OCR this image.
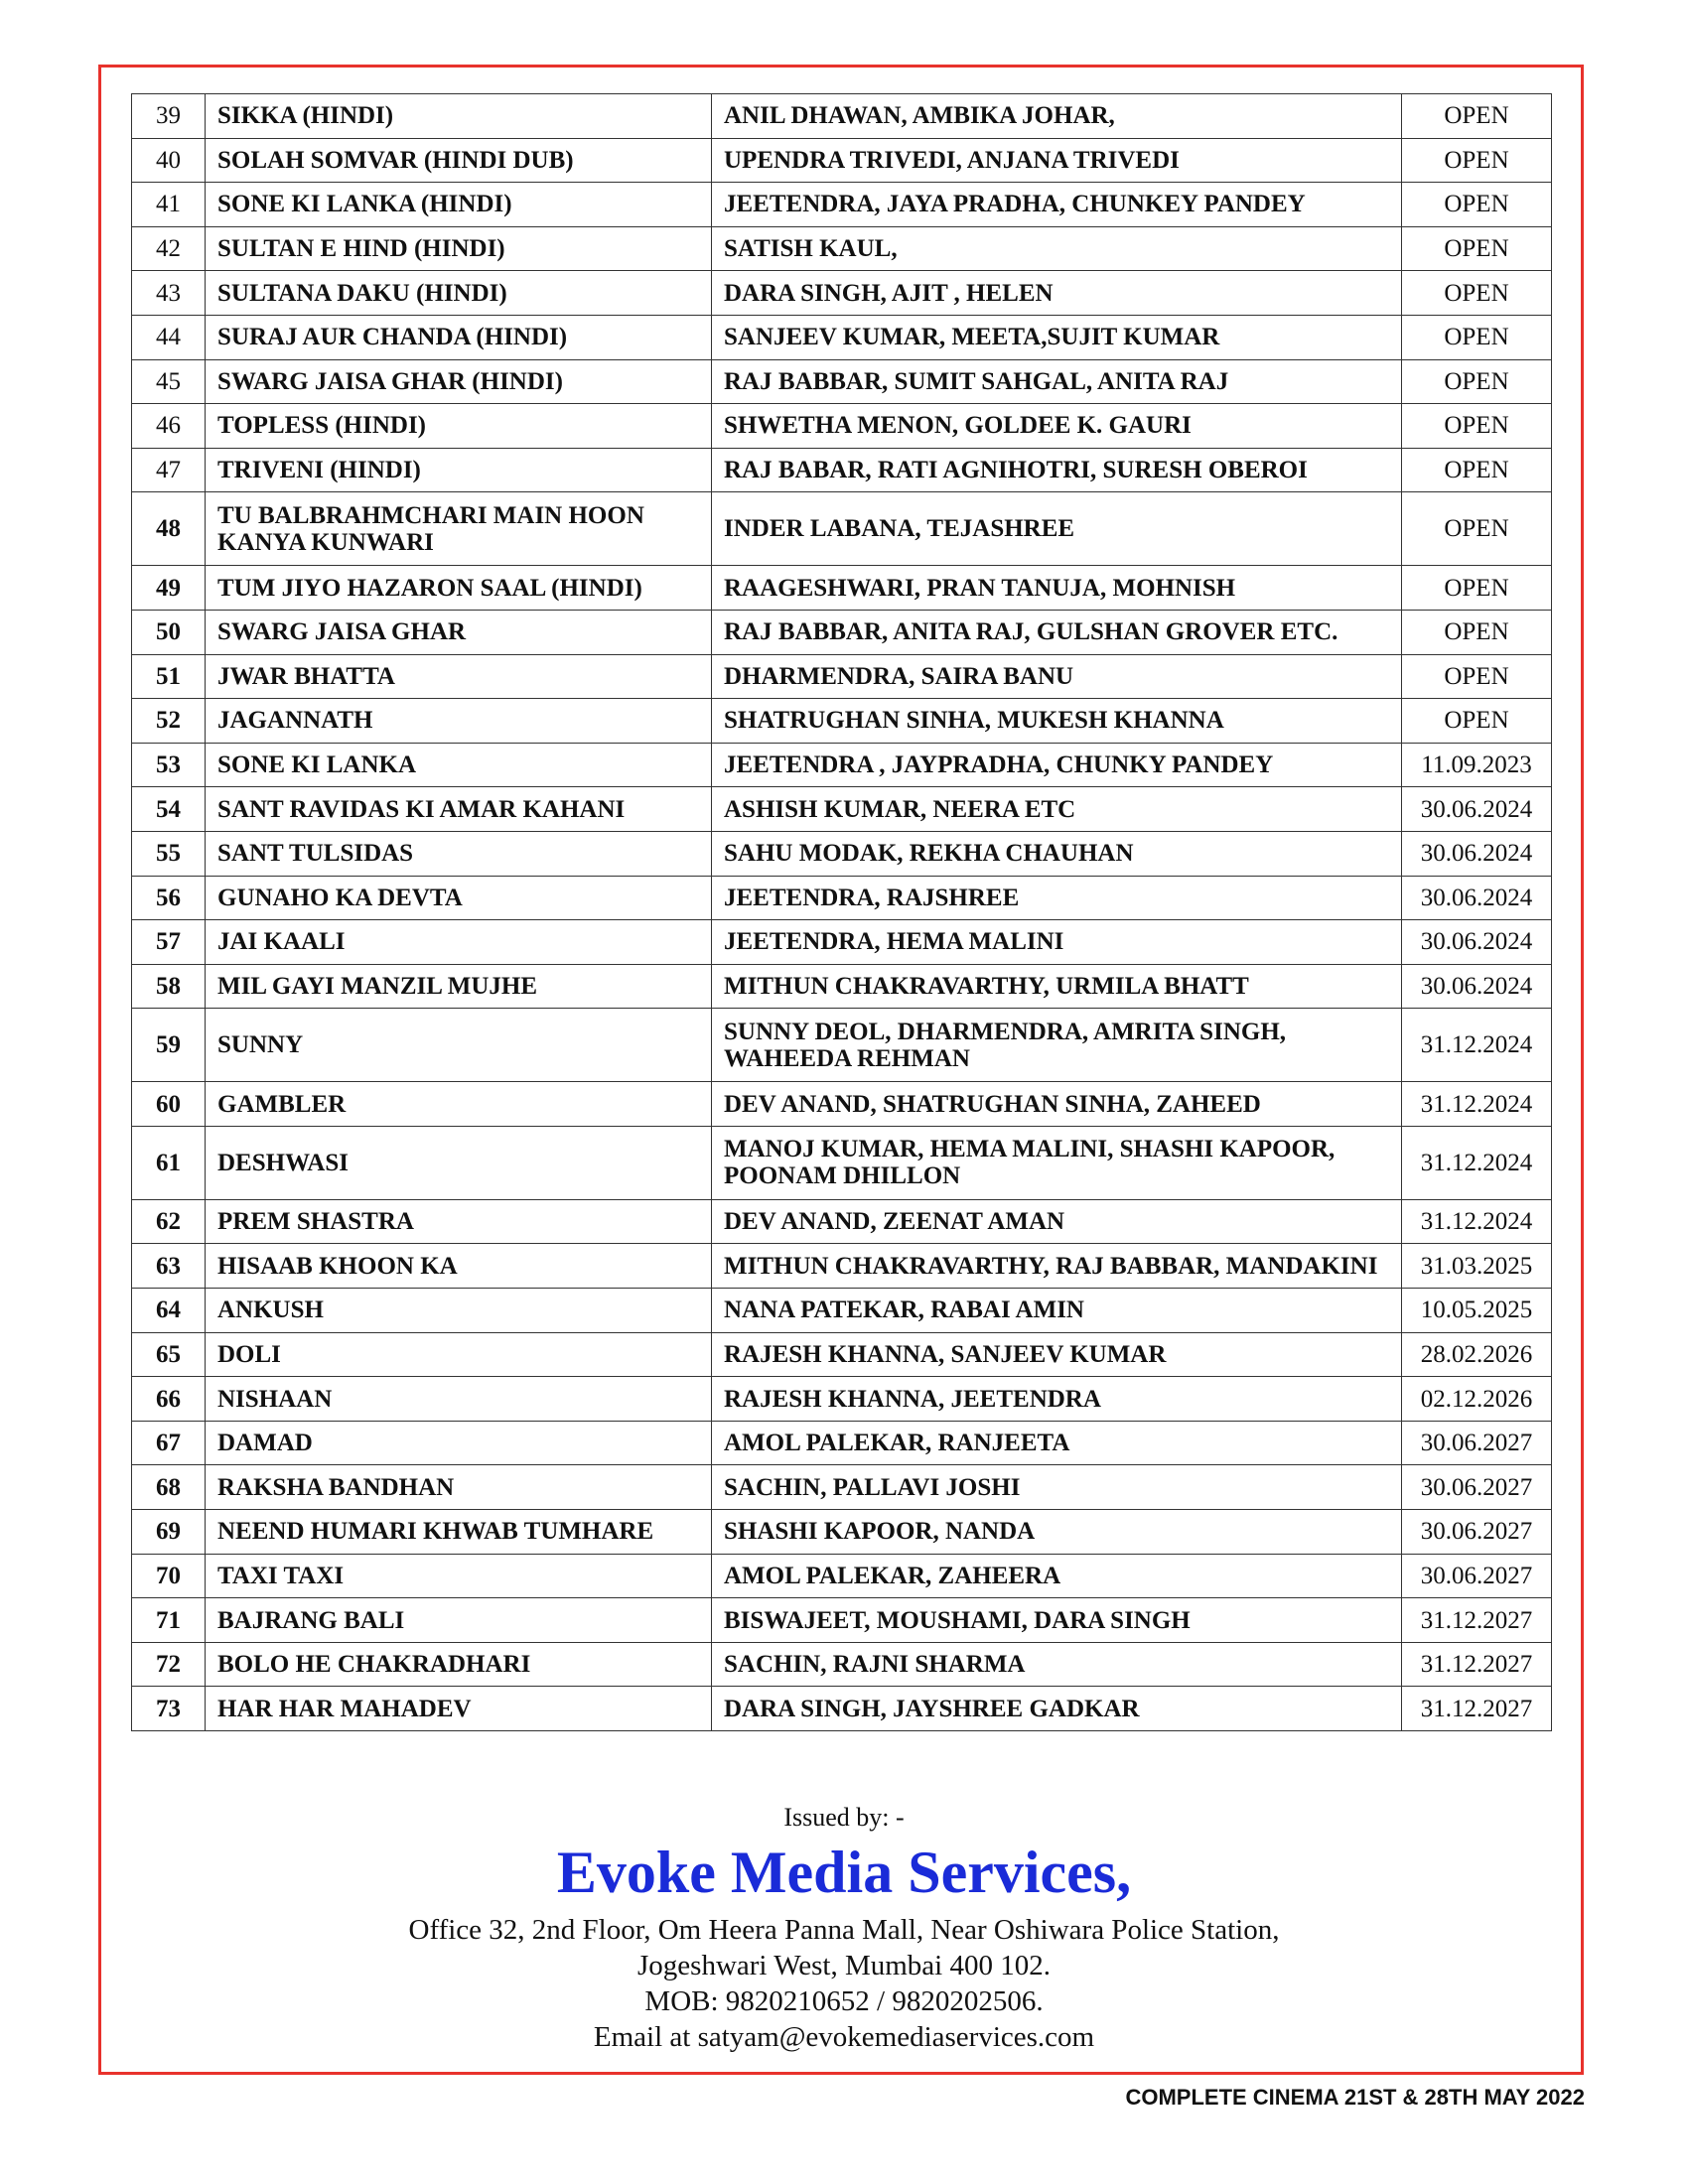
39	SIKKA (HINDI)	ANIL DHAWAN, AMBIKA JOHAR,	OPEN
40	SOLAH SOMVAR (HINDI DUB)	UPENDRA TRIVEDI, ANJANA TRIVEDI	OPEN
41	SONE KI LANKA (HINDI)	JEETENDRA, JAYA PRADHA, CHUNKEY PANDEY	OPEN
42	SULTAN E HIND (HINDI)	SATISH KAUL,	OPEN
43	SULTANA DAKU (HINDI)	DARA SINGH, AJIT , HELEN	OPEN
44	SURAJ AUR CHANDA (HINDI)	SANJEEV KUMAR, MEETA,SUJIT KUMAR	OPEN
45	SWARG JAISA GHAR (HINDI)	RAJ BABBAR, SUMIT SAHGAL, ANITA RAJ	OPEN
46	TOPLESS (HINDI)	SHWETHA MENON, GOLDEE K. GAURI	OPEN
47	TRIVENI (HINDI)	RAJ BABAR, RATI AGNIHOTRI, SURESH OBEROI	OPEN
48	TU BALBRAHMCHARI MAIN HOON KANYA KUNWARI	INDER LABANA, TEJASHREE	OPEN
49	TUM JIYO HAZARON SAAL (HINDI)	RAAGESHWARI, PRAN TANUJA, MOHNISH	OPEN
50	SWARG JAISA GHAR	RAJ BABBAR, ANITA RAJ, GULSHAN GROVER ETC.	OPEN
51	JWAR BHATTA	DHARMENDRA, SAIRA BANU	OPEN
52	JAGANNATH	SHATRUGHAN SINHA, MUKESH KHANNA	OPEN
53	SONE KI LANKA	JEETENDRA , JAYPRADHA, CHUNKY PANDEY	11.09.2023
54	SANT RAVIDAS KI AMAR KAHANI	ASHISH KUMAR, NEERA ETC	30.06.2024
55	SANT TULSIDAS	SAHU MODAK, REKHA CHAUHAN	30.06.2024
56	GUNAHO KA DEVTA	JEETENDRA, RAJSHREE	30.06.2024
57	JAI KAALI	JEETENDRA, HEMA MALINI	30.06.2024
58	MIL GAYI MANZIL MUJHE	MITHUN CHAKRAVARTHY, URMILA BHATT	30.06.2024
59	SUNNY	SUNNY DEOL, DHARMENDRA, AMRITA SINGH, WAHEEDA REHMAN	31.12.2024
60	GAMBLER	DEV ANAND, SHATRUGHAN SINHA, ZAHEED	31.12.2024
61	DESHWASI	MANOJ KUMAR, HEMA MALINI, SHASHI KAPOOR, POONAM DHILLON	31.12.2024
62	PREM SHASTRA	DEV ANAND, ZEENAT AMAN	31.12.2024
63	HISAAB KHOON KA	MITHUN CHAKRAVARTHY, RAJ BABBAR, MANDAKINI	31.03.2025
64	ANKUSH	NANA PATEKAR, RABAI AMIN	10.05.2025
65	DOLI	RAJESH KHANNA, SANJEEV KUMAR	28.02.2026
66	NISHAAN	RAJESH KHANNA, JEETENDRA	02.12.2026
67	DAMAD	AMOL PALEKAR, RANJEETA	30.06.2027
68	RAKSHA BANDHAN	SACHIN, PALLAVI JOSHI	30.06.2027
69	NEEND HUMARI KHWAB TUMHARE	SHASHI KAPOOR, NANDA	30.06.2027
70	TAXI TAXI	AMOL PALEKAR, ZAHEERA	30.06.2027
71	BAJRANG BALI	BISWAJEET, MOUSHAMI, DARA SINGH	31.12.2027
72	BOLO HE CHAKRADHARI	SACHIN, RAJNI SHARMA	31.12.2027
73	HAR HAR MAHADEV	DARA SINGH, JAYSHREE GADKAR	31.12.2027
Issued by: -
Evoke Media Services,
Office 32, 2nd Floor, Om Heera Panna Mall, Near Oshiwara Police Station,
Jogeshwari West, Mumbai 400 102.
MOB: 9820210652 / 9820202506.
Email at satyam@evokemediaservices.com
COMPLETE CINEMA 21ST & 28TH MAY 2022
